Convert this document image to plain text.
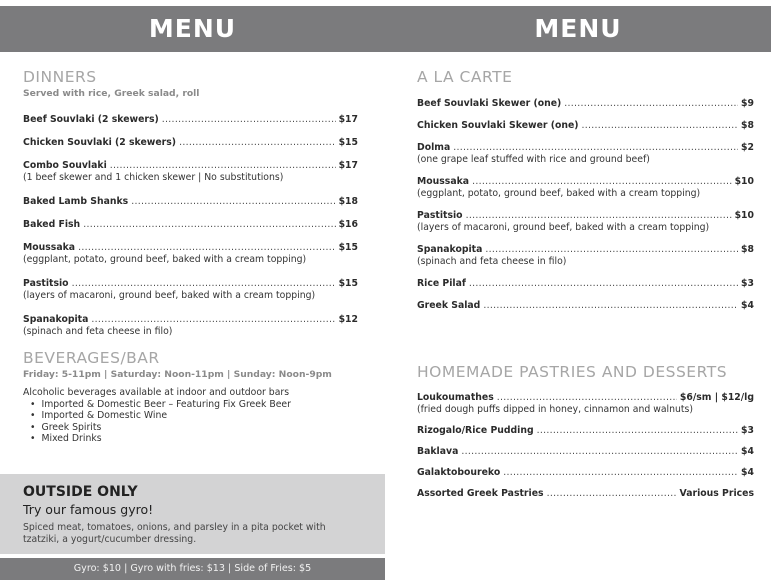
MENU	MENU
DINNERS
Served with rice, Greek salad, roll
Beef Souvlaki (2 skewers) .....	$17
Chicken Souvlaki (2 skewers) .....	$15
Combo Souvlaki .....	$17
(1 beef skewer and 1 chicken skewer | No substitutions)
Baked Lamb Shanks .....	$18
Baked Fish .....	$16
Moussaka .....	$15
(eggplant, potato, ground beef, baked with a cream topping)
Pastitsio .....	$15
(layers of macaroni, ground beef, baked with a cream topping)
Spanakopita .....	$12
(spinach and feta cheese in filo)
BEVERAGES/BAR
Friday: 5-11pm | Saturday: Noon-11pm | Sunday: Noon-9pm
Alcoholic beverages available at indoor and outdoor bars
• Imported & Domestic Beer – Featuring Fix Greek Beer
• Imported & Domestic Wine
• Greek Spirits
• Mixed Drinks
OUTSIDE ONLY
Try our famous gyro!
Spiced meat, tomatoes, onions, and parsley in a pita pocket with tzatziki, a yogurt/cucumber dressing.
Gyro: $10 | Gyro with fries: $13 | Side of Fries: $5
A LA CARTE
Beef Souvlaki Skewer (one) .....	$9
Chicken Souvlaki Skewer (one) .....	$8
Dolma .....	$2
(one grape leaf stuffed with rice and ground beef)
Moussaka .....	$10
(eggplant, potato, ground beef, baked with a cream topping)
Pastitsio .....	$10
(layers of macaroni, ground beef, baked with a cream topping)
Spanakopita .....	$8
(spinach and feta cheese in filo)
Rice Pilaf .....	$3
Greek Salad .....	$4
HOMEMADE PASTRIES AND DESSERTS
Loukoumathes .....	$6/sm | $12/lg
(fried dough puffs dipped in honey, cinnamon and walnuts)
Rizogalo/Rice Pudding .....	$3
Baklava .....	$4
Galaktoboureko .....	$4
Assorted Greek Pastries .....	Various Prices
